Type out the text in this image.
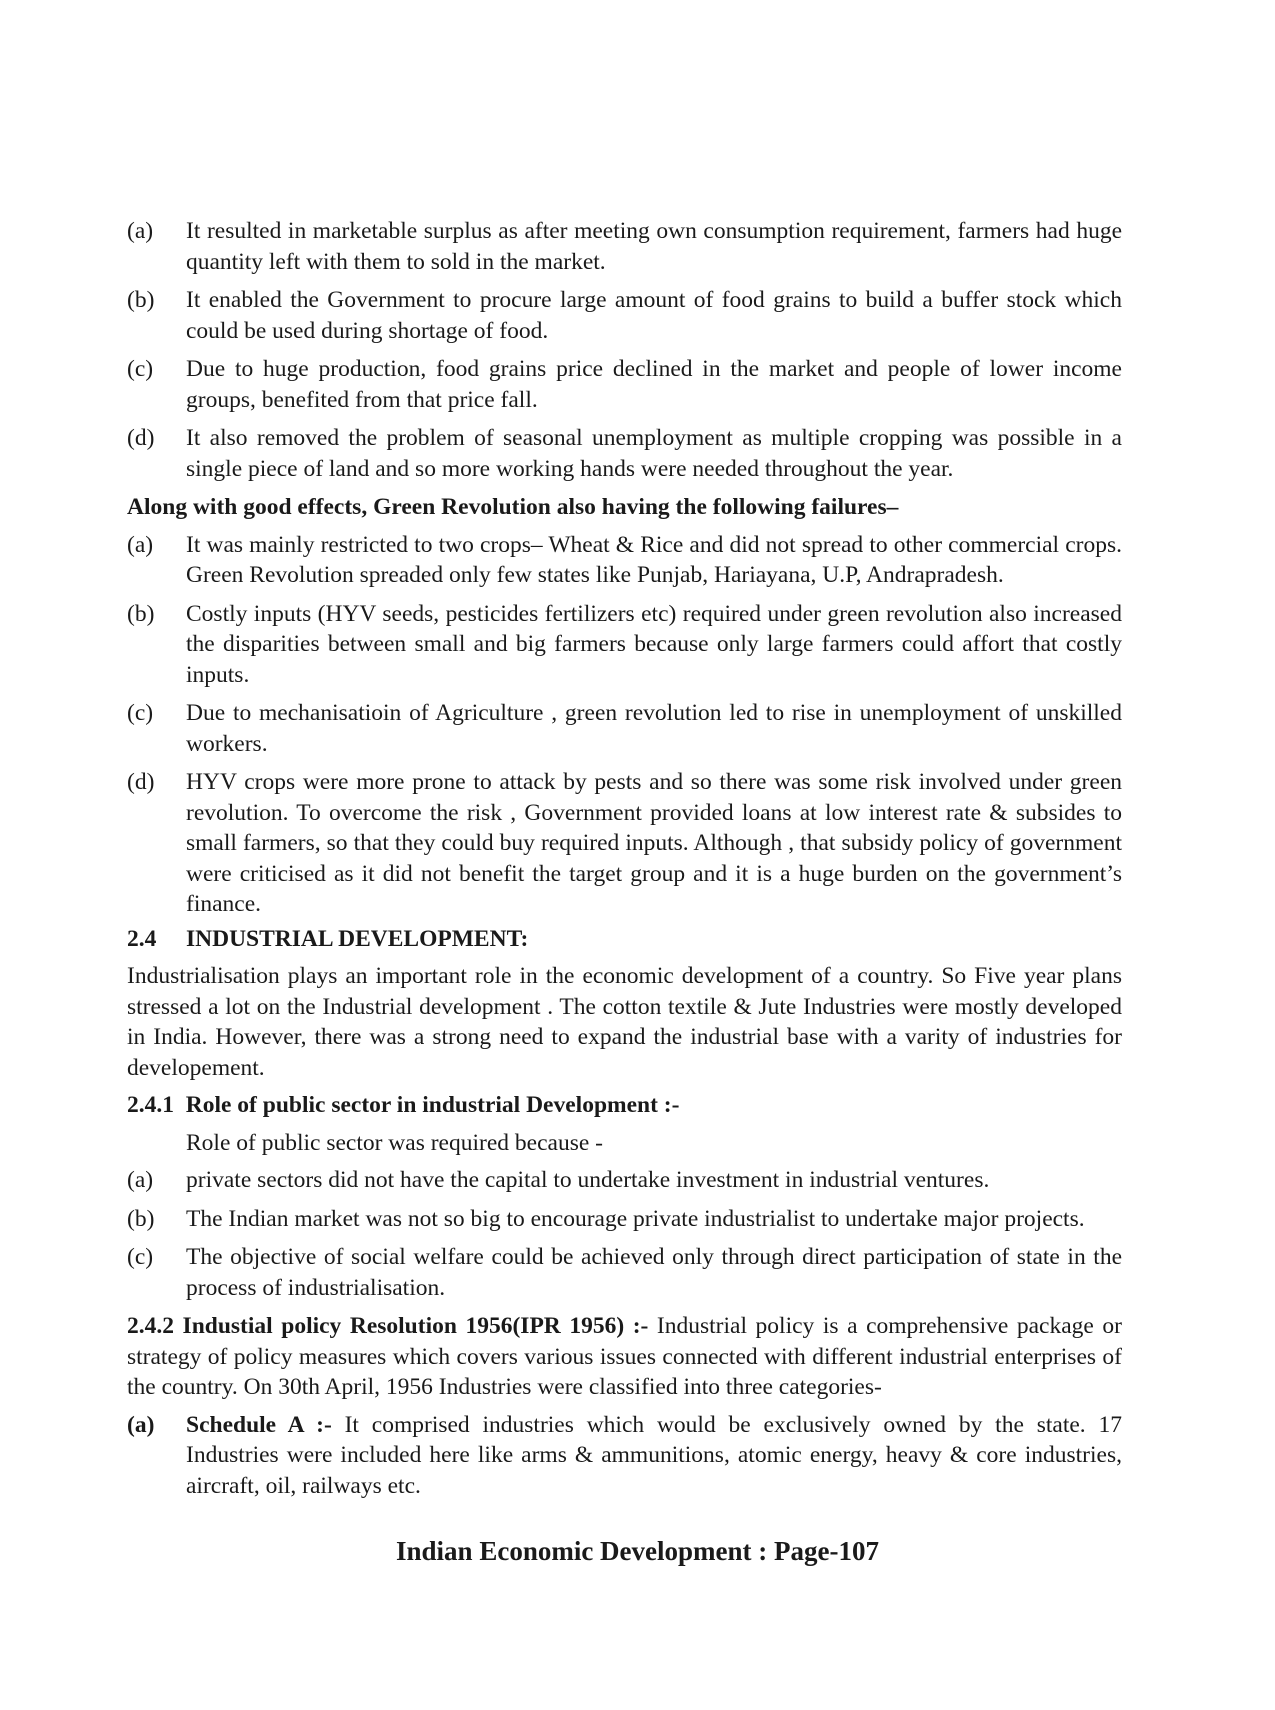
(a)	It resulted in marketable surplus as after meeting own consumption requirement, farmers had huge quantity left with them to sold in the market.
(b)	It enabled the Government to procure large amount of food grains to build a buffer stock which could be used during shortage of food.
(c)	Due to huge production, food grains price declined in the market and people of lower income groups, benefited from that price fall.
(d)	It also removed the problem of seasonal unemployment as multiple cropping was possible in a single piece of land and so more working hands were needed throughout the year.
Along with good effects, Green Revolution also having the following failures–
(a)	It was mainly restricted to two crops– Wheat & Rice and did not spread to other commercial crops. Green Revolution spreaded only few states like Punjab, Hariayana, U.P, Andrapradesh.
(b)	Costly inputs (HYV seeds, pesticides fertilizers etc) required under green revolution also increased the disparities between small and big farmers because only large farmers could affort that costly inputs.
(c)	Due to mechanisatioin of Agriculture , green revolution led to rise in unemployment of unskilled workers.
(d)	HYV crops were more prone to attack by pests and so there was some risk involved under green revolution. To overcome the risk , Government provided loans at low interest rate & subsides to small farmers, so that they could buy required inputs. Although , that subsidy policy of government were criticised as it did not benefit the target group and it is a huge burden on the government’s finance.
2.4 INDUSTRIAL DEVELOPMENT:
Industrialisation plays an important role in the economic development of a country. So Five year plans stressed a lot on the Industrial development . The cotton textile & Jute Industries were mostly developed in India. However, there was a strong need to expand the industrial base with a varity of industries for developement.
2.4.1  Role of public sector in industrial Development :-
Role of public sector was required because -
(a)	private sectors did not have the capital to undertake investment in industrial ventures.
(b)	The Indian market was not so big to encourage private industrialist to undertake major projects.
(c)	The objective of social welfare could be achieved only through direct participation of state in the process of industrialisation.
2.4.2 Industial policy Resolution 1956(IPR 1956) :- Industrial policy is a comprehensive package or strategy of policy measures which covers various issues connected with different industrial enterprises of the country. On 30th April, 1956 Industries were classified into three categories-
(a)	Schedule A :- It comprised industries which would be exclusively owned by the state. 17 Industries were included here like arms & ammunitions, atomic energy, heavy & core industries, aircraft, oil, railways etc.
Indian Economic Development : Page-107
